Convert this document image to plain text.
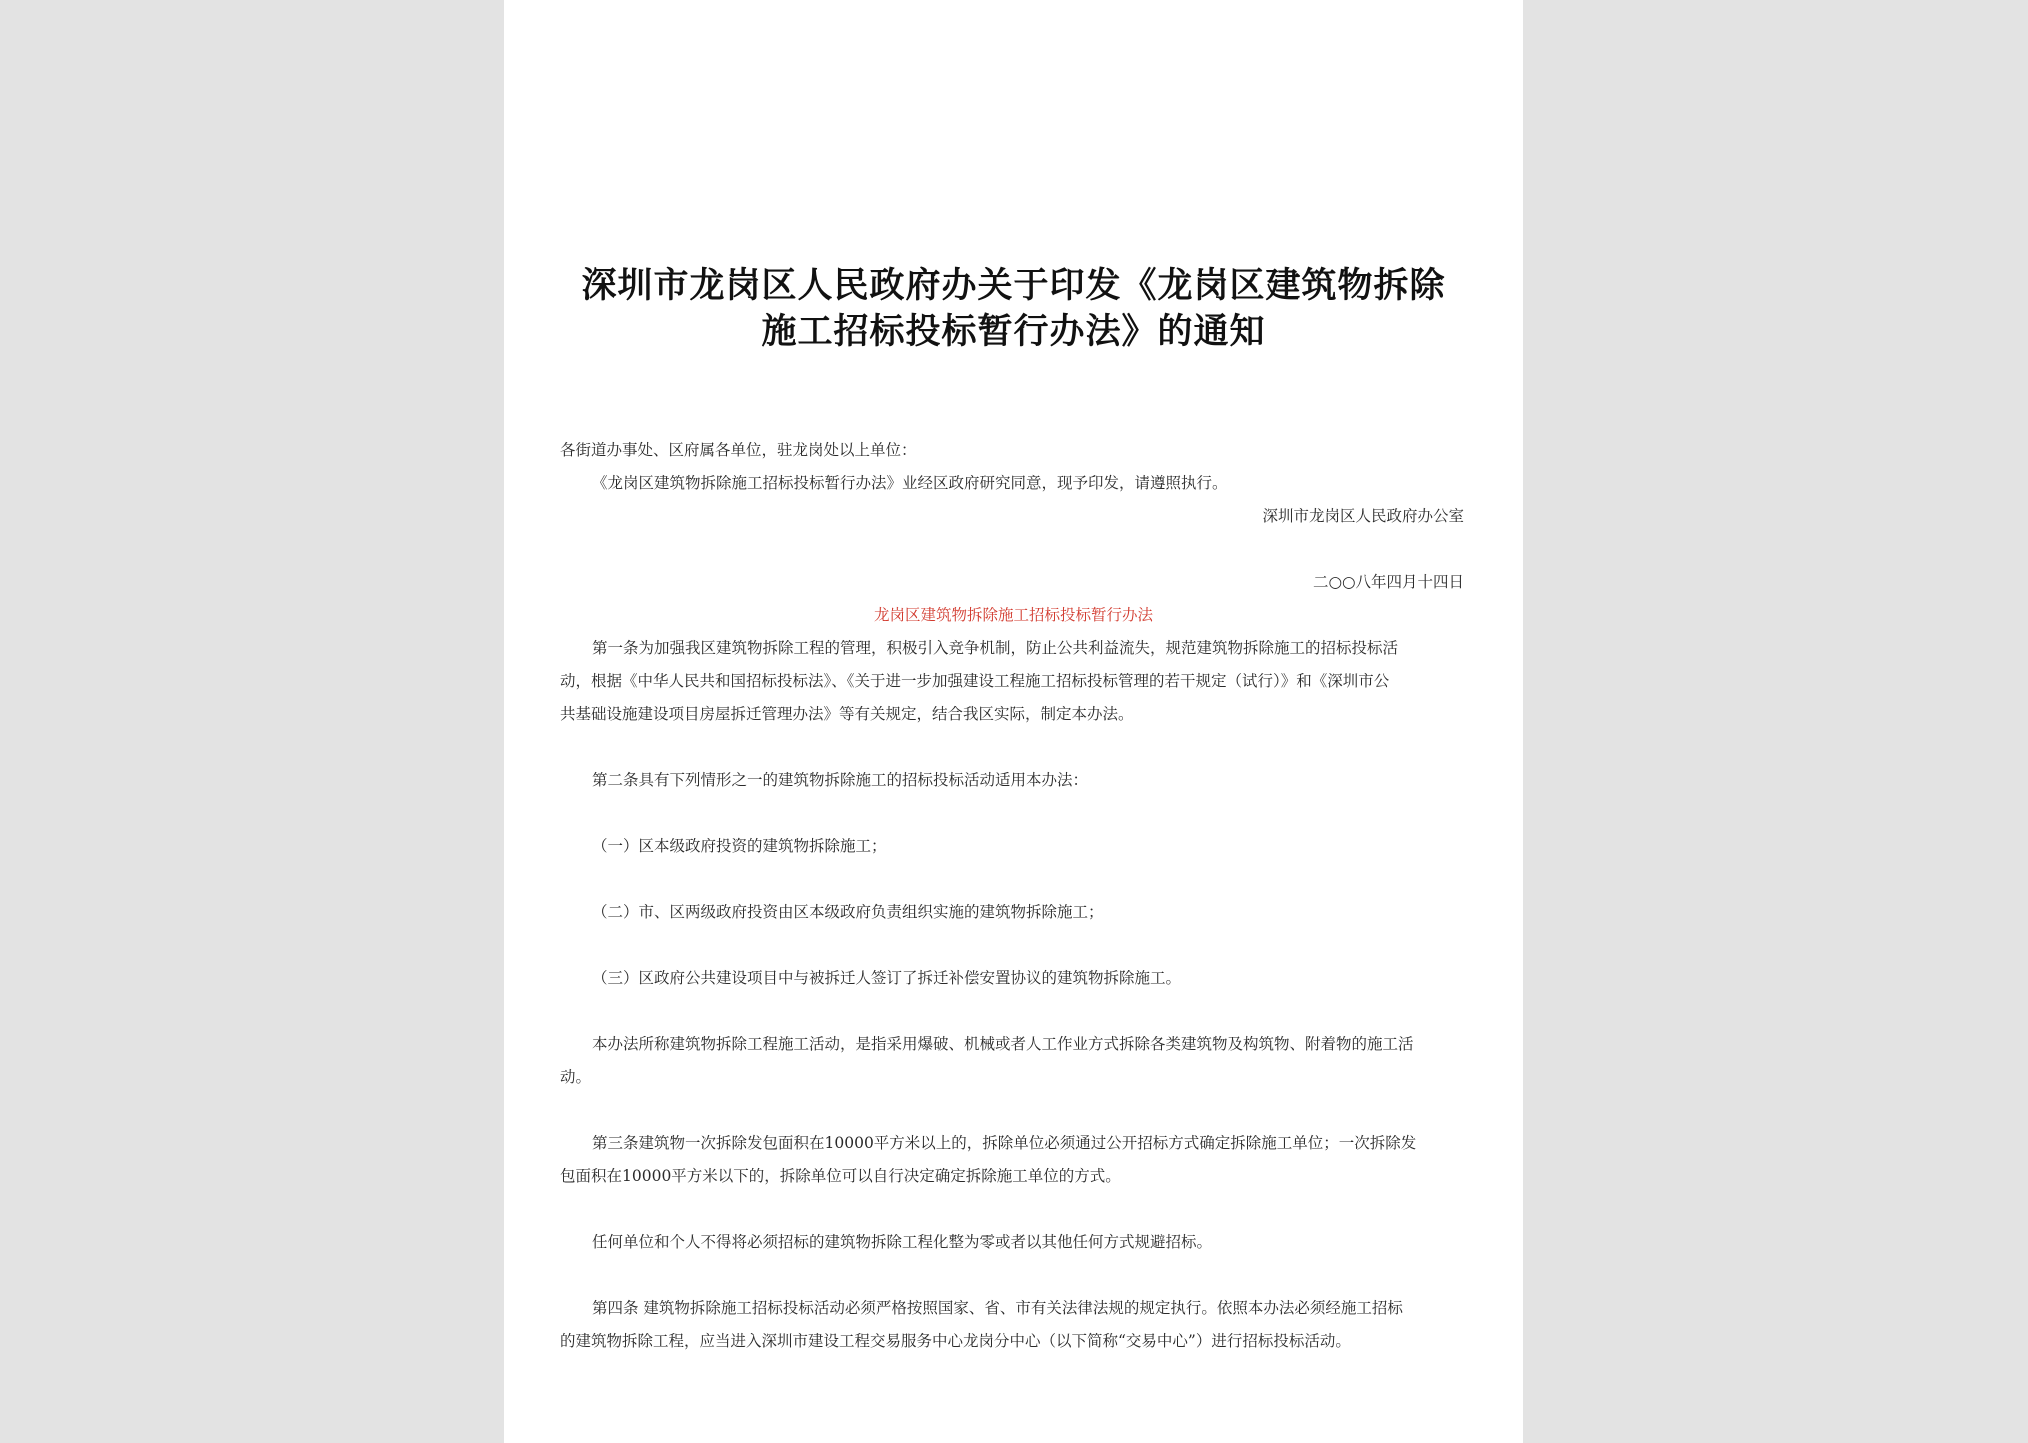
深圳市龙岗区人民政府办关于印发《龙岗区建筑物拆除
施工招标投标暂行办法》的通知
各街道办事处、区府属各单位，驻龙岗处以上单位：
《龙岗区建筑物拆除施工招标投标暂行办法》业经区政府研究同意，现予印发，请遵照执行。
深圳市龙岗区人民政府办公室
二○○八年四月十四日
龙岗区建筑物拆除施工招标投标暂行办法
第一条为加强我区建筑物拆除工程的管理，积极引入竞争机制，防止公共利益流失，规范建筑物拆除施工的招标投标活
动，根据《中华人民共和国招标投标法》、《关于进一步加强建设工程施工招标投标管理的若干规定（试行）》和《深圳市公
共基础设施建设项目房屋拆迁管理办法》等有关规定，结合我区实际，制定本办法。
第二条具有下列情形之一的建筑物拆除施工的招标投标活动适用本办法：
（一）区本级政府投资的建筑物拆除施工；
（二）市、区两级政府投资由区本级政府负责组织实施的建筑物拆除施工；
（三）区政府公共建设项目中与被拆迁人签订了拆迁补偿安置协议的建筑物拆除施工。
本办法所称建筑物拆除工程施工活动，是指采用爆破、机械或者人工作业方式拆除各类建筑物及构筑物、附着物的施工活
动。
第三条建筑物一次拆除发包面积在10000平方米以上的，拆除单位必须通过公开招标方式确定拆除施工单位；一次拆除发
包面积在10000平方米以下的，拆除单位可以自行决定确定拆除施工单位的方式。
任何单位和个人不得将必须招标的建筑物拆除工程化整为零或者以其他任何方式规避招标。
第四条 建筑物拆除施工招标投标活动必须严格按照国家、省、市有关法律法规的规定执行。依照本办法必须经施工招标
的建筑物拆除工程，应当进入深圳市建设工程交易服务中心龙岗分中心（以下简称“交易中心”）进行招标投标活动。
